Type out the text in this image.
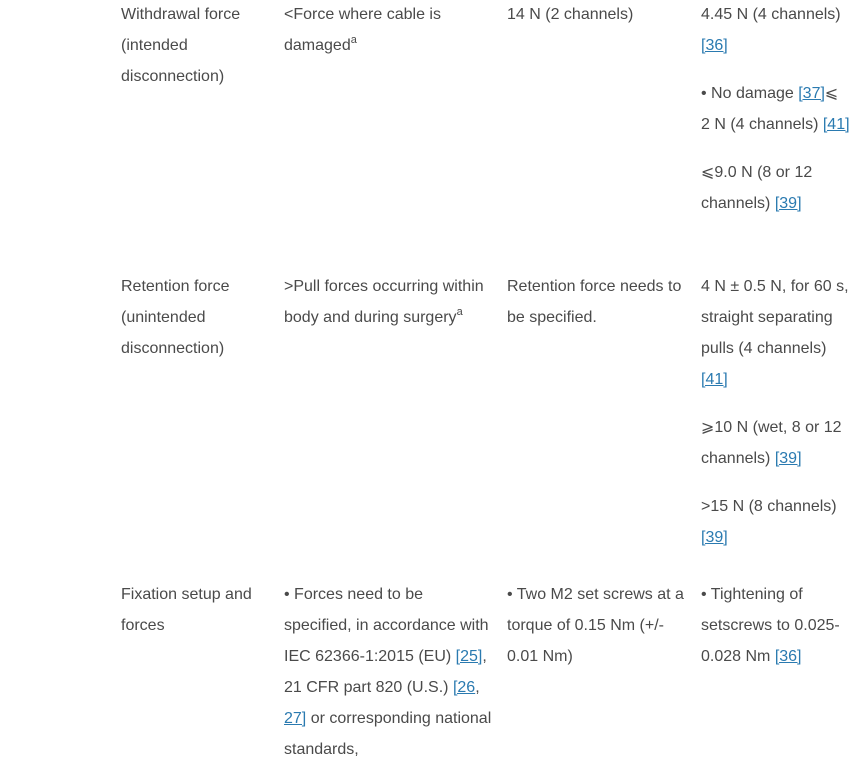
Withdrawal force (intended disconnection)
<Force where cable is damaged$^a$
14 N (2 channels)	4.45 N (4 channels) [36]
• No damage [37]⩽ 2 N (4 channels) [41]
⩽9.0 N (8 or 12 channels) [39]
Retention force (unintended disconnection)
>Pull forces occurring within body and during surgery$^a$
Retention force needs to be specified.
4 N ± 0.5 N, for 60 s, straight separating pulls (4 channels) [41]
⩾10 N (wet, 8 or 12 channels) [39]
>15 N (8 channels) [39]
Fixation setup and forces
• Forces need to be specified, in accordance with IEC 62366-1:2015 (EU) [25], 21 CFR part 820 (U.S.) [26, 27] or corresponding national standards,
• Two M2 set screws at a torque of 0.15 Nm (+/- 0.01 Nm)
• Tightening of setscrews to 0.025- 0.028 Nm [36]
